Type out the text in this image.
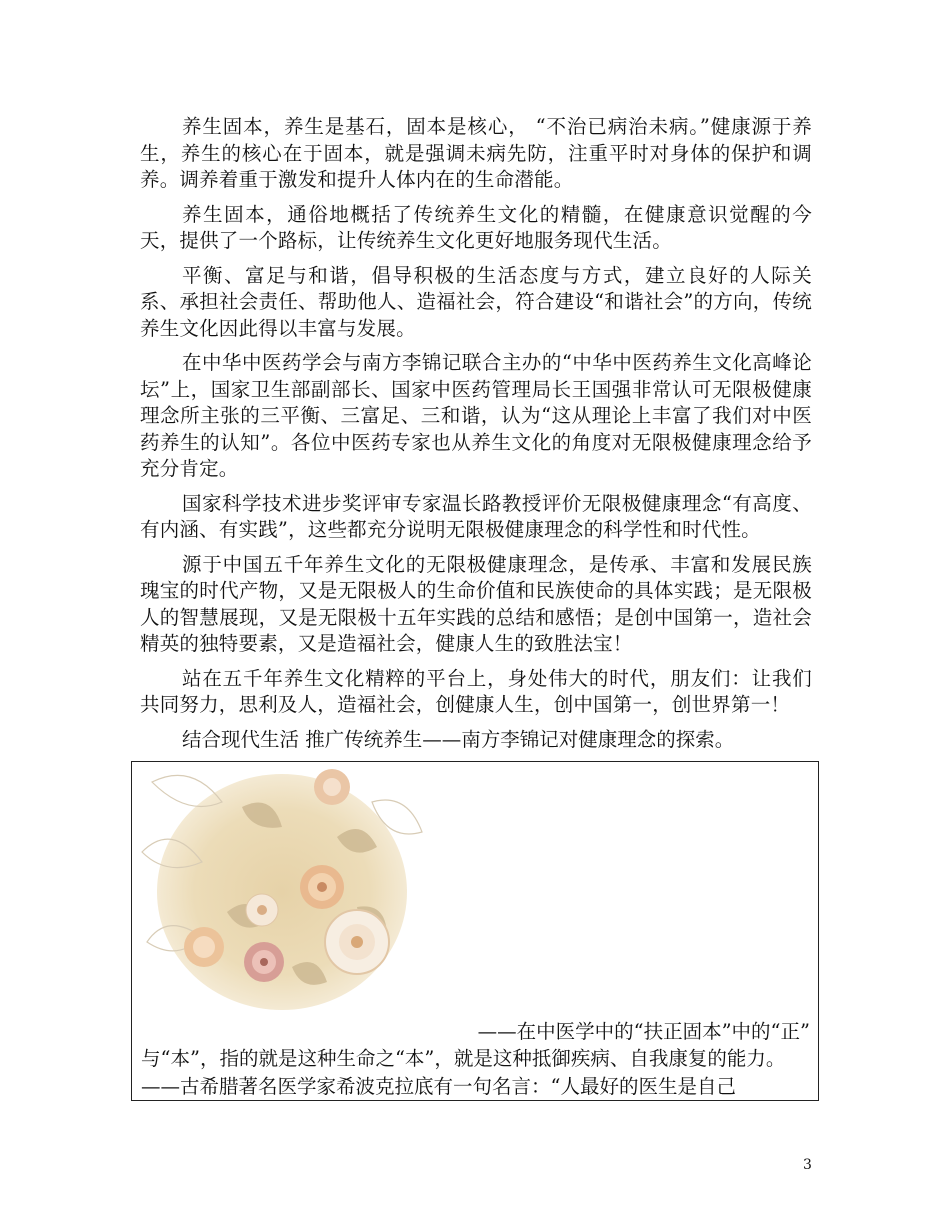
养生固本，养生是基石，固本是核心， “不治已病治未病。”健康源于养生，养生的核心在于固本，就是强调未病先防，注重平时对身体的保护和调养。调养着重于激发和提升人体内在的生命潜能。

养生固本，通俗地概括了传统养生文化的精髓，在健康意识觉醒的今天，提供了一个路标，让传统养生文化更好地服务现代生活。

平衡、富足与和谐，倡导积极的生活态度与方式，建立良好的人际关系、承担社会责任、帮助他人、造福社会，符合建设“和谐社会”的方向，传统养生文化因此得以丰富与发展。

在中华中医药学会与南方李锦记联合主办的“中华中医药养生文化高峰论坛”上，国家卫生部副部长、国家中医药管理局长王国强非常认可无限极健康理念所主张的三平衡、三富足、三和谐，认为“这从理论上丰富了我们对中医药养生的认知”。各位中医药专家也从养生文化的角度对无限极健康理念给予充分肯定。

国家科学技术进步奖评审专家温长路教授评价无限极健康理念“有高度、有内涵、有实践”，这些都充分说明无限极健康理念的科学性和时代性。

源于中国五千年养生文化的无限极健康理念，是传承、丰富和发展民族瑰宝的时代产物，又是无限极人的生命价值和民族使命的具体实践；是无限极人的智慧展现，又是无限极十五年实践的总结和感悟；是创中国第一，造社会精英的独特要素，又是造福社会，健康人生的致胜法宝！

站在五千年养生文化精粹的平台上，身处伟大的时代，朋友们：让我们共同努力，思利及人，造福社会，创健康人生，创中国第一，创世界第一！

结合现代生活 推广传统养生——南方李锦记对健康理念的探索。

——在中医学中的“扶正固本”中的“正”
与“本”，指的就是这种生命之“本”，就是这种抵御疾病、自我康复的能力。
——古希腊著名医学家希波克拉底有一句名言：“人最好的医生是自己
3
